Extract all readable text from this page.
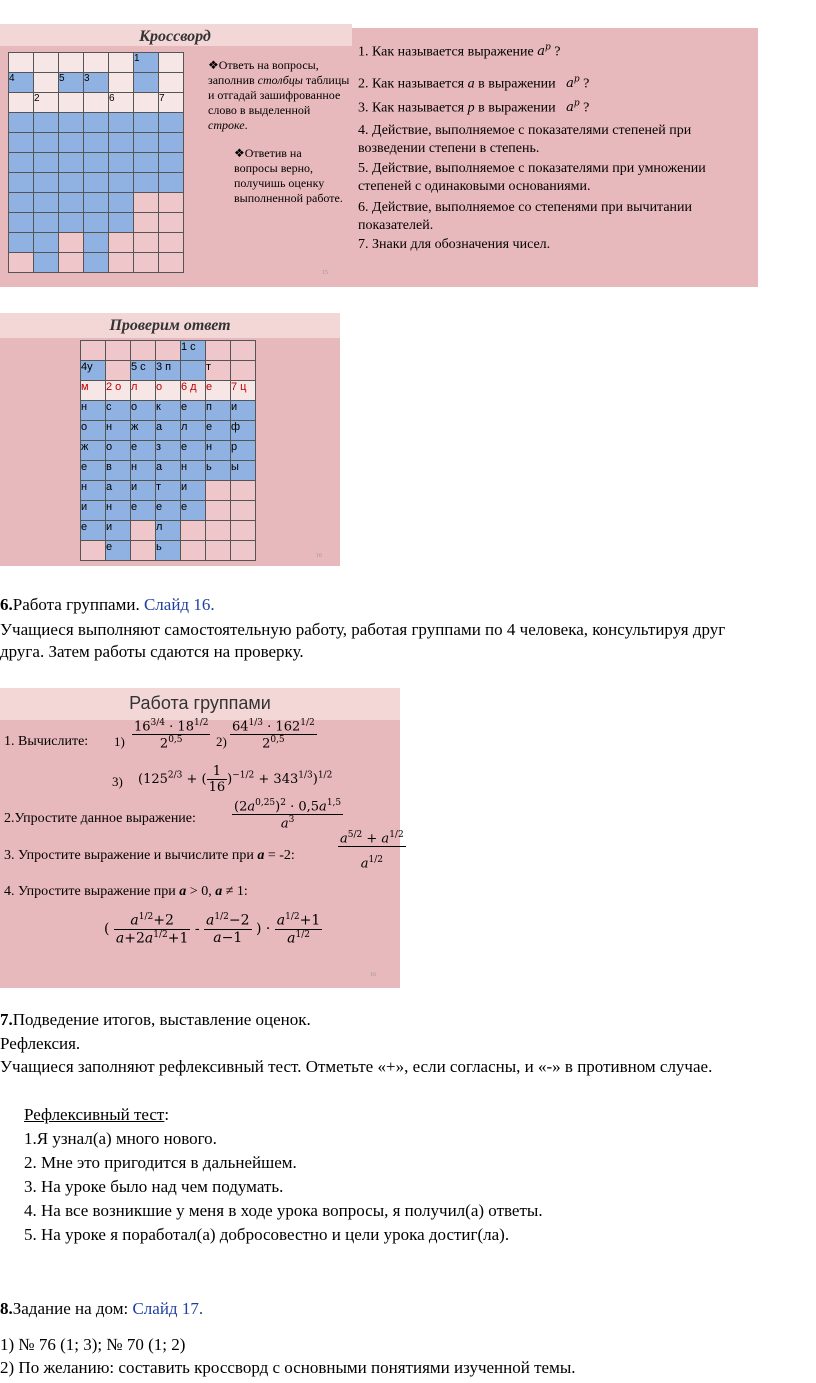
Кроссворд
					1	
4		5	3			
	2			6		7

❖Ответь на вопросы, заполнив столбцы таблицы и отгадай зашифрованное слово в выделенной строке.
❖Ответив на вопросы верно, получишь оценку выполненной работе.
15
1. Как называется выражение $a^p$ ?
2. Как называется a в выражении $a^p$ ?
3. Как называется p в выражении $a^p$ ?
4. Действие, выполняемое с показателями степеней при возведении степени в степень.
5. Действие, выполняемое с показателями при умножении степеней с одинаковыми основаниями.
6. Действие, выполняемое со степенями при вычитании показателей.
7. Знаки для обозначения чисел.
Проверим ответ
				1 с		
4у		5 с	3 п		т	
м	2 о	л	о	6 д	е	7 ц
н	с	о	к	е	п	и
о	н	ж	а	л	е	ф
ж	о	е	з	е	н	р
е	в	н	а	н	ь	ы
н	а	и	т	и		
и	н	е	е	е		
е	и		л			
	е		ь			
16
6.Работа группами. Слайд 16.
Учащиеся выполняют самостоятельную работу, работая группами по 4 человека, консультируя друг друга. Затем работы сдаются на проверку.
Работа группами
1. Вычислите: $1) \frac{16^{3/4} \cdot 18^{1/2}}{2^{0,5}} 2) \frac{64^{1/3} \cdot 162^{1/2}}{2^{0,5}}$
3) ($125^{2/3}$ + ( $\frac{1}{16} )^{-1/2} + 343^{1/3})^{1/2}$
2.Упростите данное выражение:	$\frac{(2a^{0,25})^2 \cdot 0,5a^{1,5}}{a^3}$
3. Упростите выражение и вычислите при a = -2:	$\frac{a^{5/2} + a^{1/2}}{a^{1/2}}$
4. Упростите выражение при a > 0, a ≠ 1:
( $\frac{a^{1/2}+2}{a+2a^{1/2}+1} - \frac{a^{1/2}-2}{a-1}$ ) · $\frac{a^{1/2}+1}{a^{1/2}}$
16
7.Подведение итогов, выставление оценок.
Рефлексия.
Учащиеся заполняют рефлексивный тест. Отметьте «+», если согласны, и «-» в противном случае.
Рефлексивный тест:
1.Я узнал(а) много нового.
2. Мне это пригодится в дальнейшем.
3. На уроке было над чем подумать.
4. На все возникшие у меня в ходе урока вопросы, я получил(а) ответы.
5. На уроке я поработал(а) добросовестно и цели урока достиг(ла).
8.Задание на дом: Слайд 17.
1) № 76 (1; 3); № 70 (1; 2)
2) По желанию: составить кроссворд с основными понятиями изученной темы.
